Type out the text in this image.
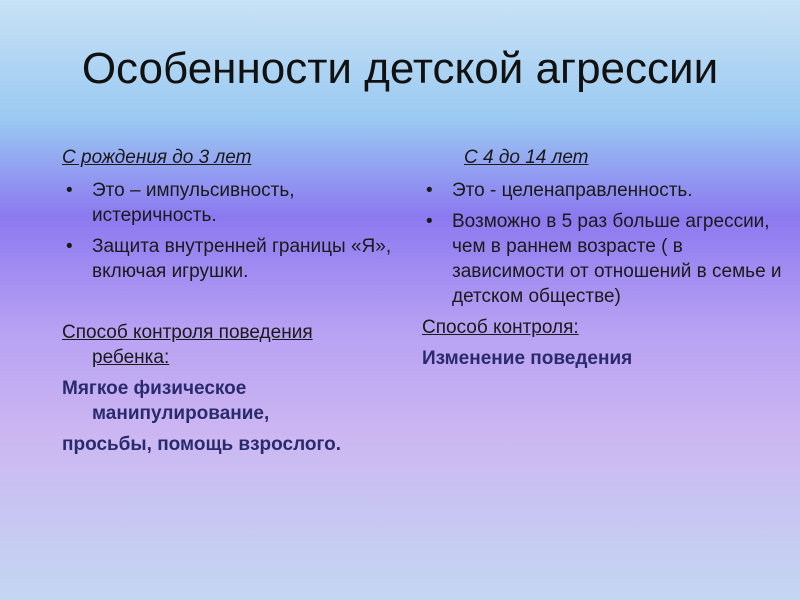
Особенности детской агрессии
С рождения до 3 лет
• Это – импульсивность, истеричность.
• Защита внутренней границы «Я», включая игрушки.
Способ контроля поведения ребенка:
Мягкое физическое манипулирование,
просьбы, помощь взрослого.
С 4 до 14 лет
• Это - целенаправленность.
• Возможно в 5 раз больше агрессии, чем в раннем возрасте ( в зависимости от отношений в семье и детском обществе)
Способ контроля:
Изменение поведения
